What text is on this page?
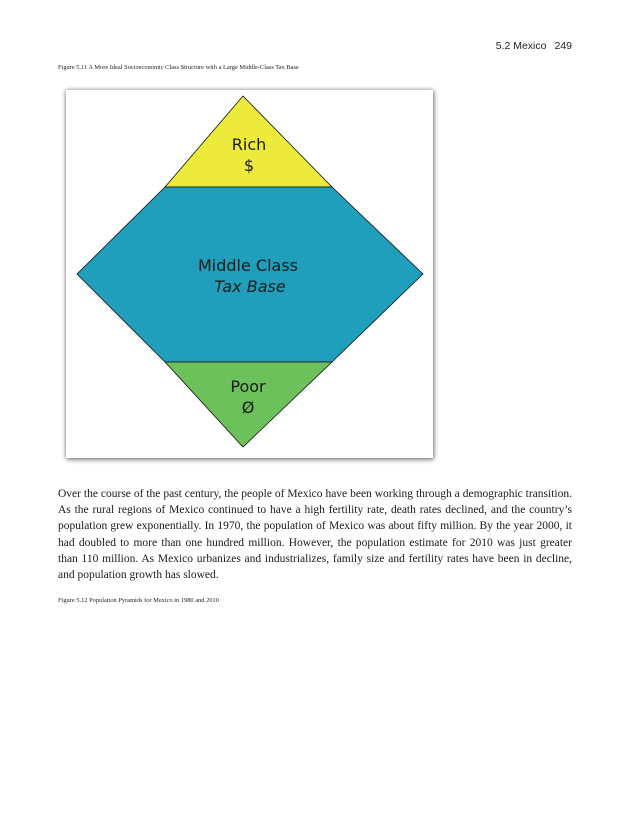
5.2 Mexico 249
Figure 5.11 A More Ideal Socioeconomic Class Structure with a Large Middle-Class Tax Base
Rich
$
Middle Class
Tax Base
Poor
Ø

Over the course of the past century, the people of Mexico have been working through a demographic transition. As the rural regions of Mexico continued to have a high fertility rate, death rates declined, and the country’s population grew exponentially. In 1970, the population of Mexico was about fifty million. By the year 2000, it had doubled to more than one hundred million. However, the population estimate for 2010 was just greater than 110 million. As Mexico urbanizes and industrializes, family size and fertility rates have been in decline, and population growth has slowed.

Figure 5.12 Population Pyramids for Mexico in 1980 and 2010
